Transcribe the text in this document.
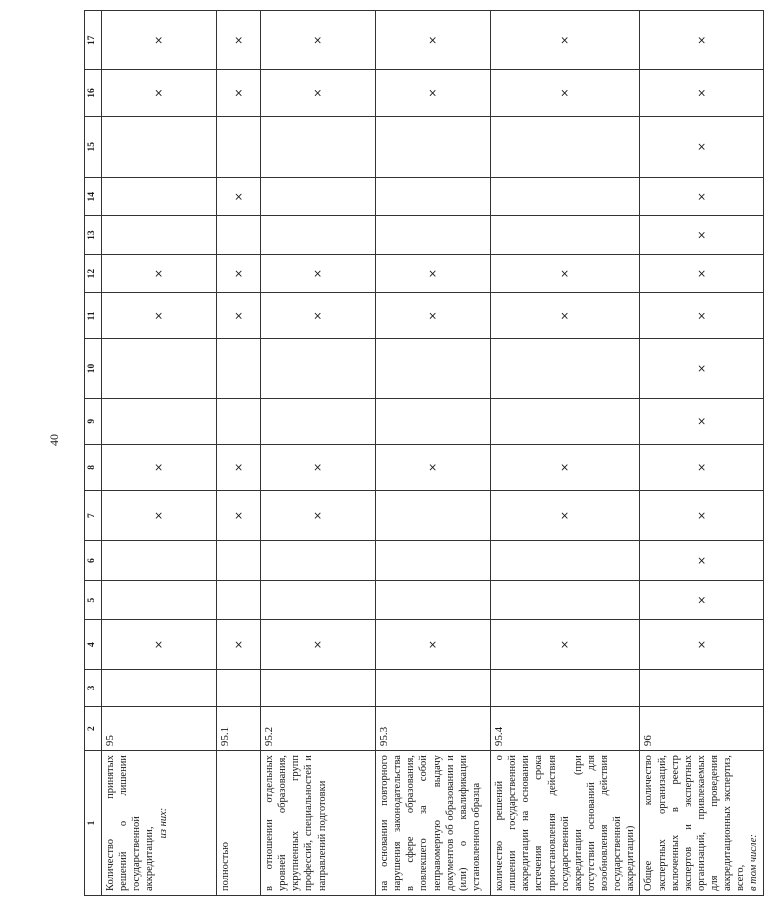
40
1	2	3	4	5	6	7	8	9	10	11	12	13	14	15	16	17
Количество принятых решений о лишении государственной аккредитации,
из них:	95		×			×	×			×	×				×	×
полностью	95.1		×			×	×			×	×		×		×	×
в отношении отдельных уровней образования, укрупненных групп профессий, специальностей и направлений подготовки	95.2		×			×	×			×	×				×	×
на основании повторного нарушения законодательства в сфере образования, повлекшего за собой неправомерную выдачу документов об образовании и (или) о квалификации установленного образца	95.3		×				×			×	×				×	×
количество решений о лишении государственной аккредитации на основании истечения срока приостановления действия государственной аккредитации (при отсутствии оснований для возобновления действия государственной аккредитации)	95.4		×			×	×			×	×				×	×
Общее количество экспертных организаций, включенных в реестр экспертов и экспертных организаций, привлекаемых для проведения аккредитационных экспертиз, всего, в том числе:	96		×	×	×	×	×	×	×	×	×	×	×	×	×	×
